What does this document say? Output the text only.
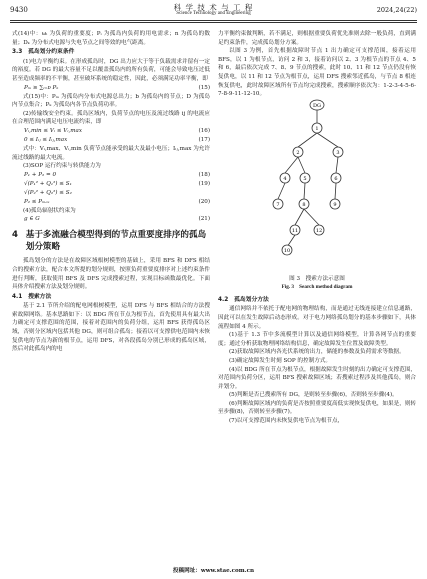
9430	科 学 技 术 与 工 程
Science Technology and Engineering	2024,24(22)

式(14)中：ωᵢ 为负荷的重要度；Pᵢ 为孤岛内负荷的用电需求；n 为孤岛的数量；Dₖ 为分布式电源与失电节点之间等效的电气距离。

3.3　孤岛划分约束条件

(1)电力平衡约束。在形成孤岛时，DG 出力应大于等于负载需求并留有一定的裕度。若 DG 的最大容量不足以覆盖孤岛内的所有负荷，可能会导致电压过低甚至造成频率的不平衡，甚至破坏系统的稳定性，因此，必须满足功率平衡，即

Pₘ ≥ ∑ᵢ₌ᴅ Pₖ	(15)

式(15)中：Pₘ 为孤岛内分布式电源总出力；b 为孤岛内的节点；D 为孤岛内节点集合；Pₖ 为孤岛内各节点负荷功率。

(2)传输线安全约束。孤岛区域内，负荷节点的电压及流过线路 ij 的电流应在合理范围内满足电压电流约束，即

Vᵢ,min ≤ Vᵢ ≤ Vᵢ,max	(16)
0 ≤ Iᵢⱼ ≤ Iᵢⱼ,max	(17)

式中：Vᵢ,max、Vᵢ,min 负荷节点能承受的最大及最小电压；Iᵢⱼ,max 为允许流过线路的最大电流。

(3)SOP 运行约束与转供能力为

P₁ + P₂ = 0	(18)
√(P₁² + Q₁²) ≤ S₁	(19)
√(P₂² + Q₂²) ≤ S₂
P₂ ≤ Pₘₐₓ	(20)

(4)孤岛辐射状约束为

g ∈ G	(21)
4 基于多流融合模型得到的节点重要度排序的孤岛划分策略

孤岛划分的方法是在故障区域根树模型的基础上，采用 BFS 和 DFS 相结合的搜索方法，配合本文所提的划分规则，按照负荷重要度排序对上述约束条件进行判断，获取使用 BFS 及 DFS 完成搜索过程，实现目标函数最优化。下面具体介绍搜索方法及划分规则。

4.1　搜索方法

基于 2.1 节所介绍的配电网根树模型，运用 DFS 与 BFS 相结合的方法搜索故障网络。基本思路如下：以 BDG 所在节点为根节点，首先使用具有最大出力确定可支撑范围的范围，接着对范围内的负荷分组，运用 BFS 获得孤岛区域，否则分区域内包括其他 DG，则可组合孤岛；接着以可支撑供电范围内未恢复供电的节点为新的根节点，运用 DFS，对各段孤岛分别已形成的孤岛区域，然后对此孤岛内的电

力平衡约束做判断，若不满足，则根据重要负荷优先准则去除一般负荷，直到满足约束条件，完成孤岛划分方案。

以图 3 为例，首先根据故障时节点 1 出力确定可支撑范围，接着运用 BFS，以 1 为根节点，访问 2 和 3，接着访问以 2、3 为根节点的节点 4、5 和 6，最后依次完成 7、8、9 节点的搜索，此时 10、11 和 12 节点仍没有恢复供电，以 11 和 12 节点为根节点，运用 DFS 搜索邻近孤岛，与节点 8 相连恢复供电，此时故障区域所有节点均完成搜索，搜索顺序依次为：1-2-3-4-5-6-7-8-9-11-12-10。

DG
1
2	3
4	5	6
7	8	9
10
11	12
图 3　搜索方法示意图
Fig. 3　Search method diagram
4.2　孤岛划分方法

通信网络并不依托于配电网的物理结构，而是通过无线连接建立信息通路，因此可以在发生故障后动态形成。对于电力网络孤岛划分的基本步骤如下，具体流程如图 4 所示。

(1)基于 1.3 节中多流模型计算以及通信网络模型，计算各网节点的重要度；通过分析获取物理网络结构信息，确定故障发生位置及故障类型。

(2)获取故障区域内各光伏系统的出力，储能的参数及负荷需求等数据。

(3)确定故障发生时刻 SOP 的控制方式。

(4)以 BDG 所在节点为根节点，根据故障发生时刻的出力确定可支撑范围，对范围内负荷分区，运用 BFS 搜索故障区域；若搜索过程涉及其他孤岛，则合并划分。

(5)判断是否已搜索所有 DG，是则转至步骤(6)，否则转至步骤(4)。

(6)判断故障区域内的负荷是否按照重要度高低实现恢复供电，如果是，则转至步骤(8)，否则转至步骤(7)。

(7)以可支撑范围内未恢复供电节点为根节点，

投稿网址：www.stae.com.cn
